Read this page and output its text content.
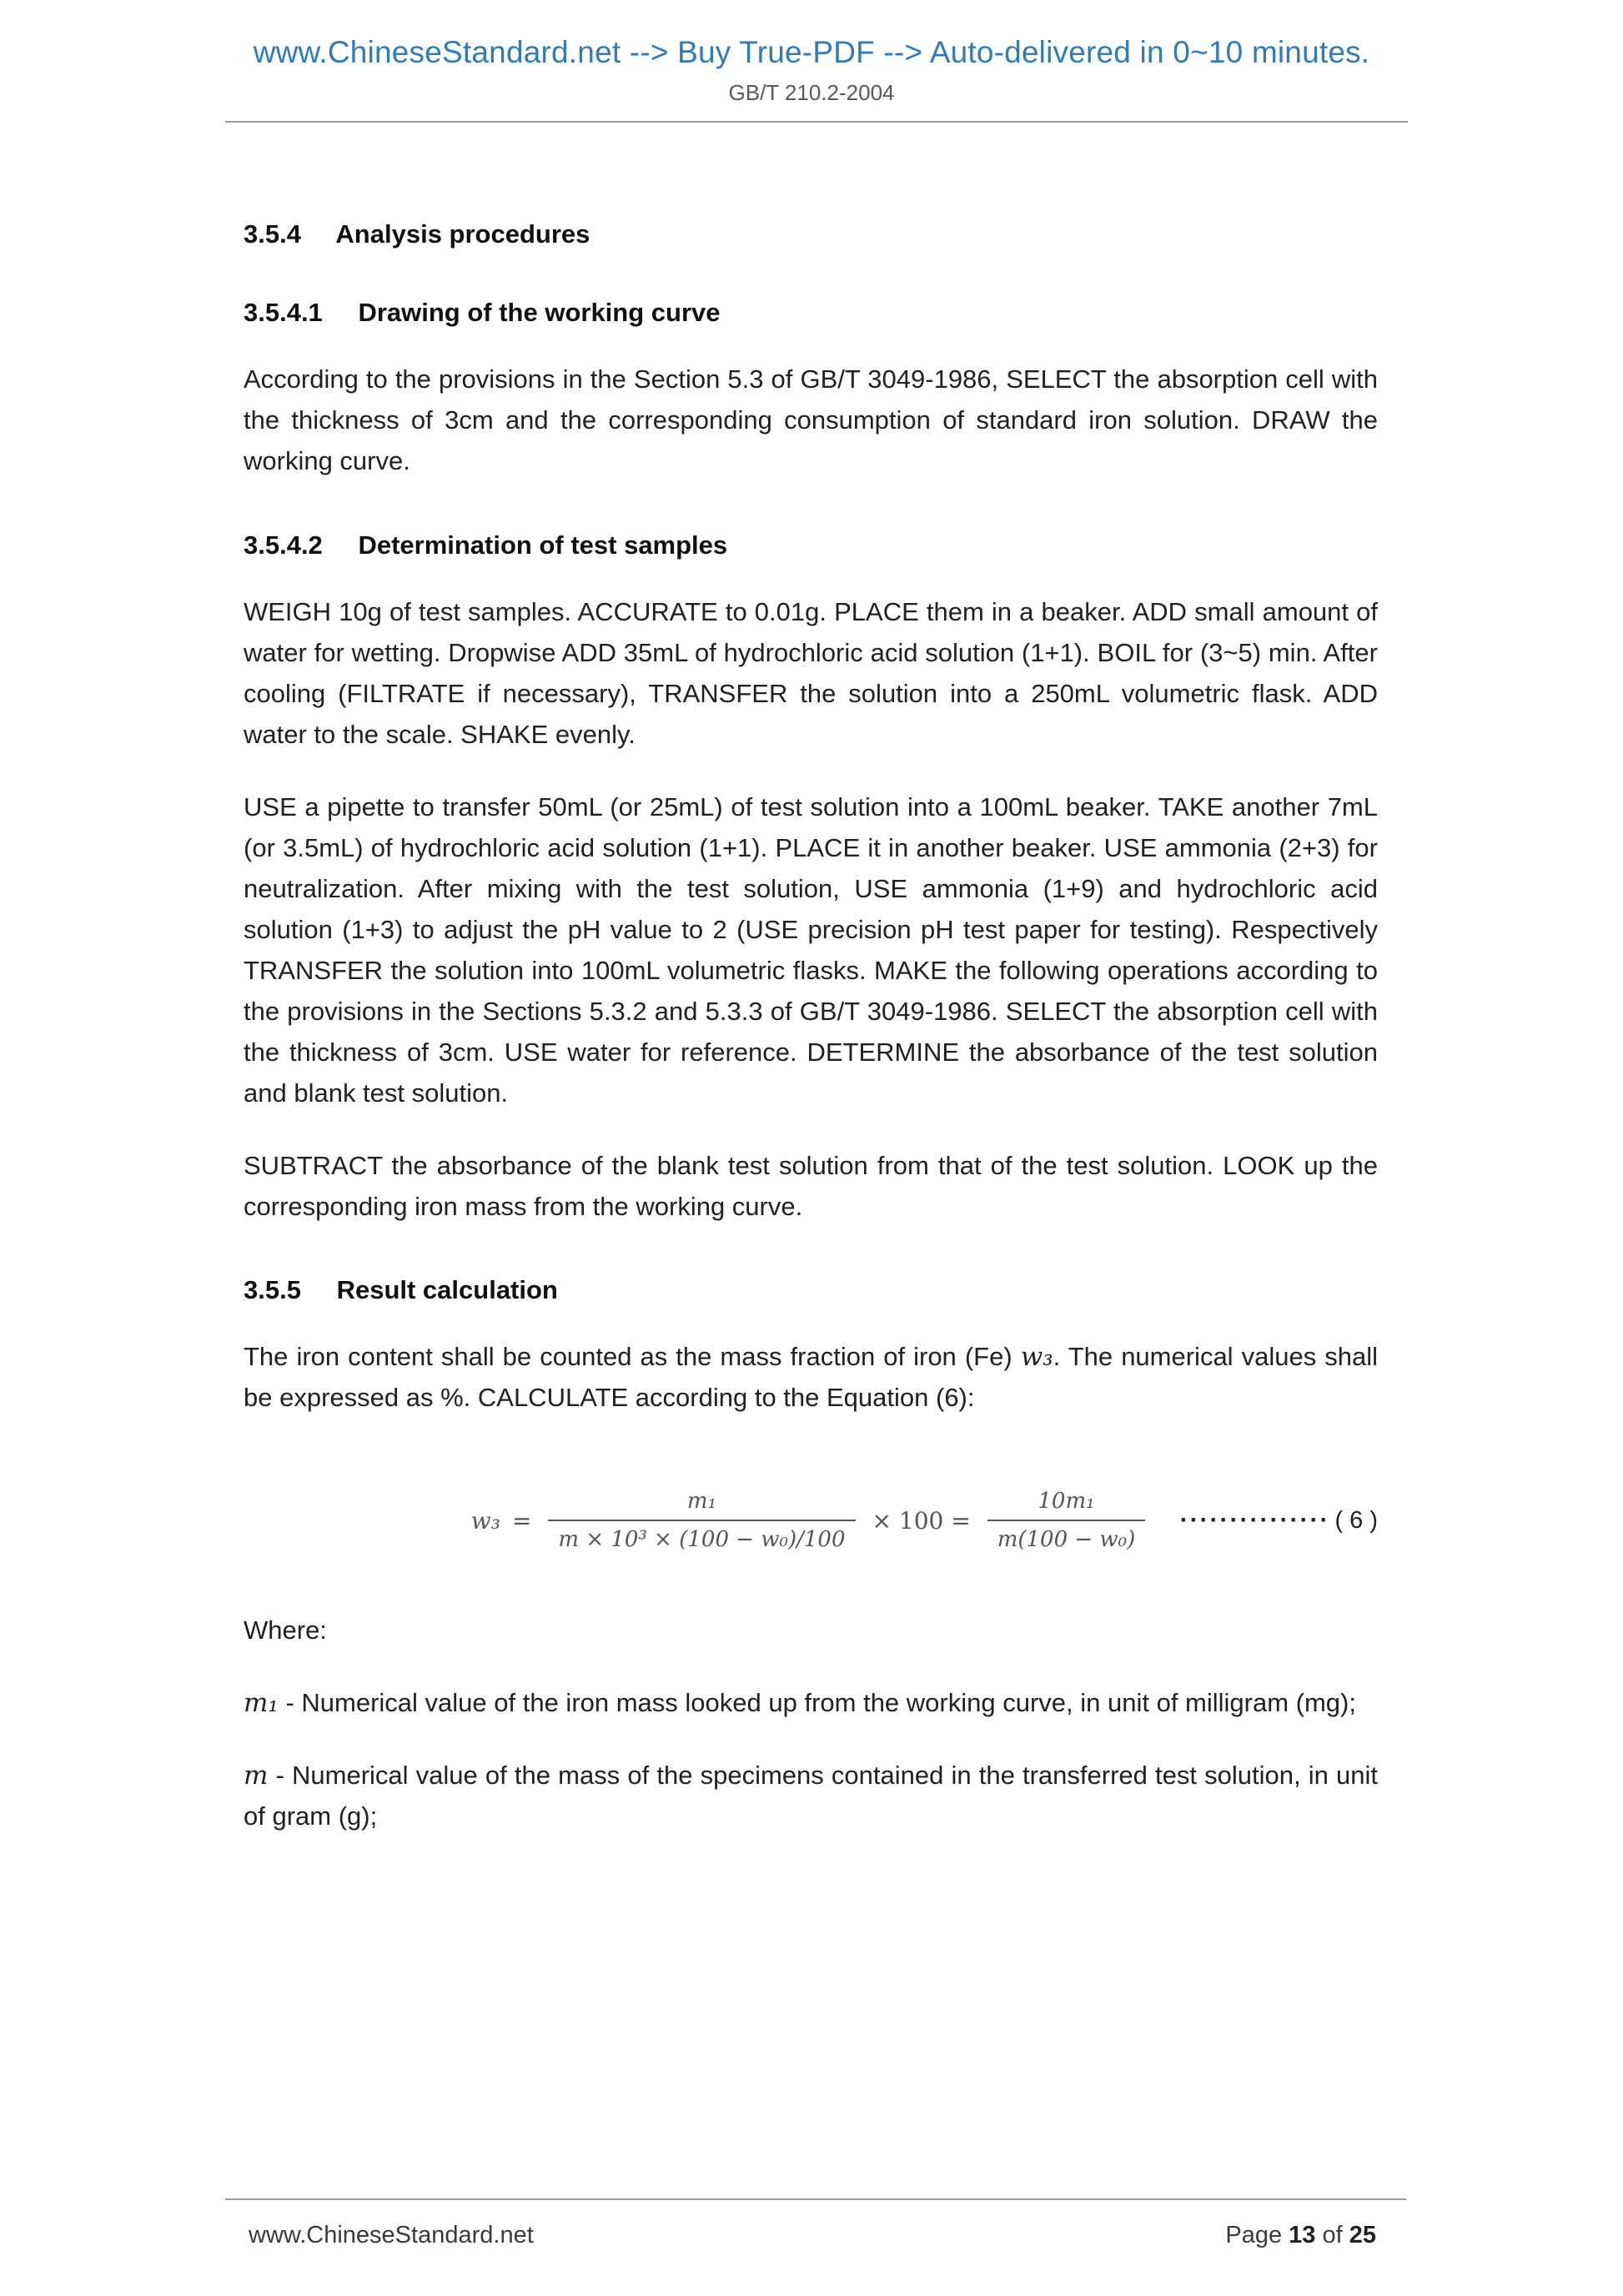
www.ChineseStandard.net --> Buy True-PDF --> Auto-delivered in 0~10 minutes.
GB/T 210.2-2004
3.5.4 Analysis procedures
3.5.4.1 Drawing of the working curve

According to the provisions in the Section 5.3 of GB/T 3049-1986, SELECT the absorption cell with the thickness of 3cm and the corresponding consumption of standard iron solution. DRAW the working curve.

3.5.4.2 Determination of test samples

WEIGH 10g of test samples. ACCURATE to 0.01g. PLACE them in a beaker. ADD small amount of water for wetting. Dropwise ADD 35mL of hydrochloric acid solution (1+1). BOIL for (3~5) min. After cooling (FILTRATE if necessary), TRANSFER the solution into a 250mL volumetric flask. ADD water to the scale. SHAKE evenly.

USE a pipette to transfer 50mL (or 25mL) of test solution into a 100mL beaker. TAKE another 7mL (or 3.5mL) of hydrochloric acid solution (1+1). PLACE it in another beaker. USE ammonia (2+3) for neutralization. After mixing with the test solution, USE ammonia (1+9) and hydrochloric acid solution (1+3) to adjust the pH value to 2 (USE precision pH test paper for testing). Respectively TRANSFER the solution into 100mL volumetric flasks. MAKE the following operations according to the provisions in the Sections 5.3.2 and 5.3.3 of GB/T 3049-1986. SELECT the absorption cell with the thickness of 3cm. USE water for reference. DETERMINE the absorbance of the test solution and blank test solution.

SUBTRACT the absorbance of the blank test solution from that of the test solution. LOOK up the corresponding iron mass from the working curve.

3.5.5 Result calculation

The iron content shall be counted as the mass fraction of iron (Fe) w₃. The numerical values shall be expressed as %. CALCULATE according to the Equation (6):

$w_3 = \frac{\text{m₁}}{\text{m × 10³ × (100 − w₀)/100}} \times 100 = \frac{\text{10m₁}}{\text{m(100 − w₀)}}$ ··············· ( 6 )

Where:

m₁ - Numerical value of the iron mass looked up from the working curve, in unit of milligram (mg);

m - Numerical value of the mass of the specimens contained in the transferred test solution, in unit of gram (g);

www.ChineseStandard.net	Page 13 of 25
